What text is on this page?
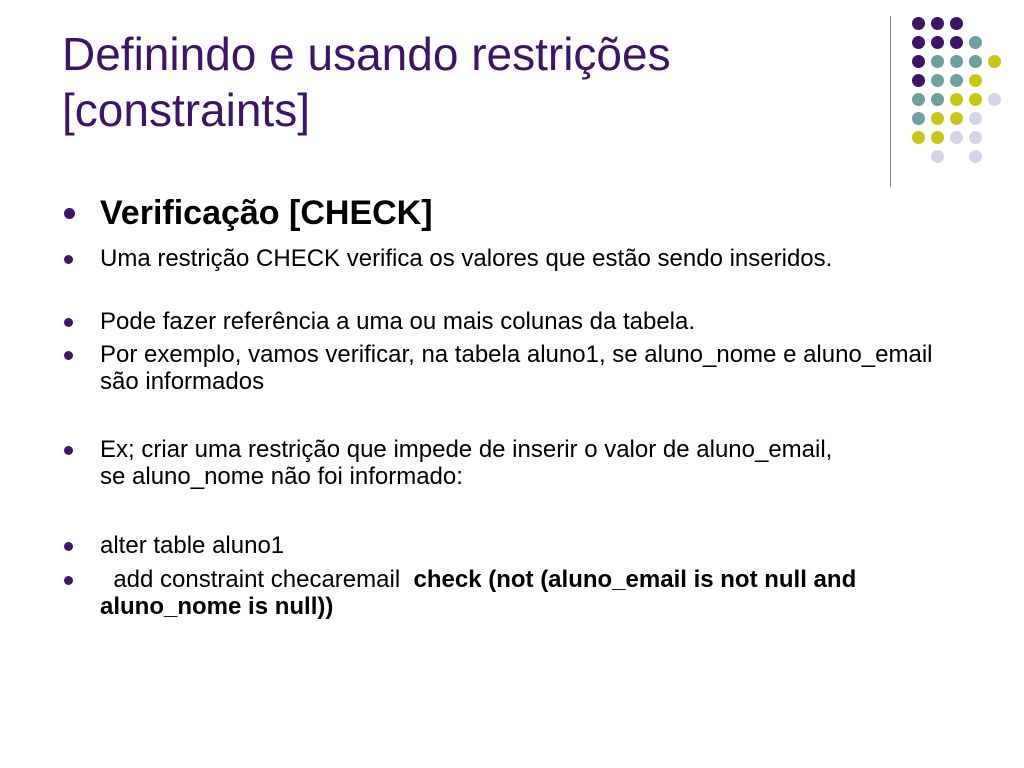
Definindo e usando restrições
[constraints]
Verificação [CHECK]
Uma restrição CHECK verifica os valores que estão sendo inseridos.
Pode fazer referência a uma ou mais colunas da tabela.
Por exemplo, vamos verificar, na tabela aluno1, se aluno_nome e aluno_email são informados
Ex; criar uma restrição que impede de inserir o valor de aluno_email, se aluno_nome não foi informado:
alter table aluno1
add constraint checaremail  check (not (aluno_email is not null and aluno_nome is null))
